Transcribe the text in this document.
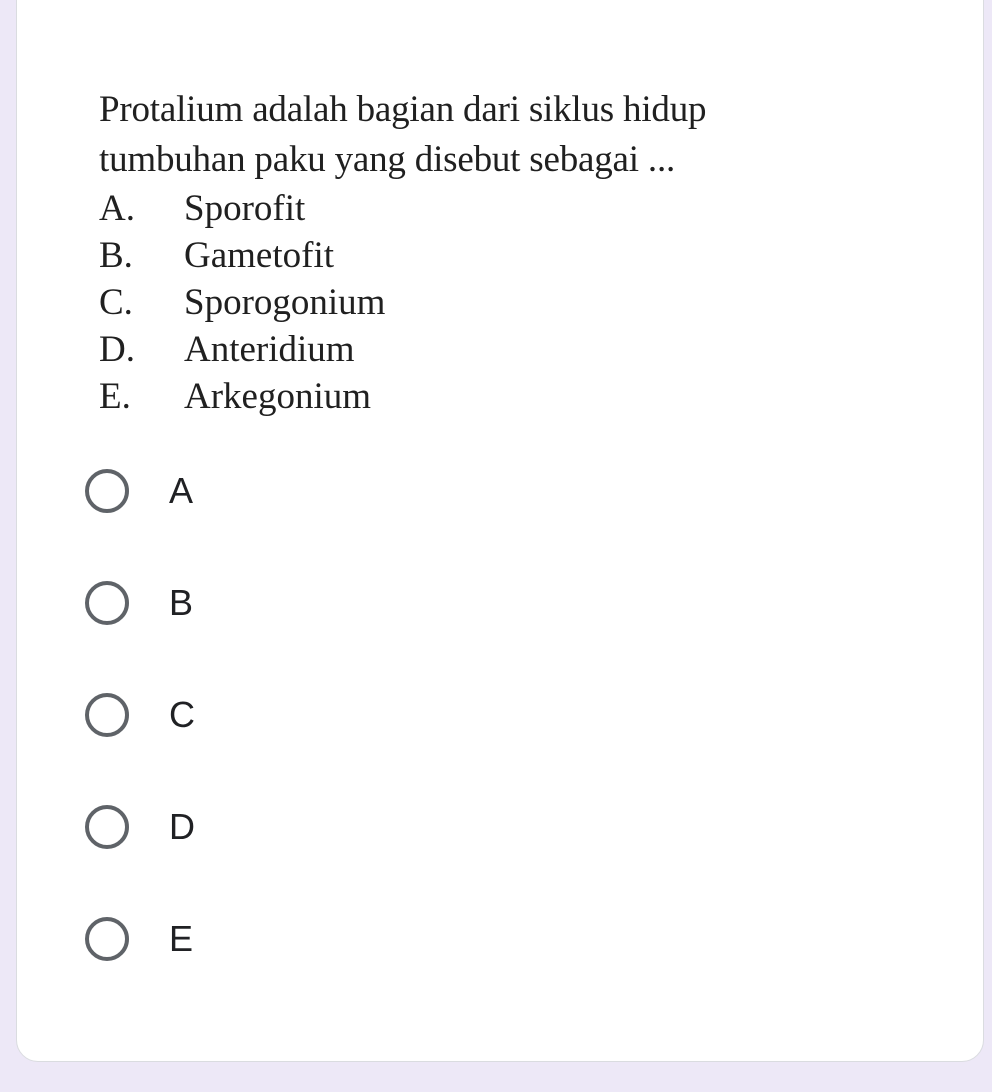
Protalium adalah bagian dari siklus hidup
tumbuhan paku yang disebut sebagai ...

A.	Sporofit
B.	Gametofit
C.	Sporogonium
D.	Anteridium
E.	Arkegonium
A
B
C
D
E
